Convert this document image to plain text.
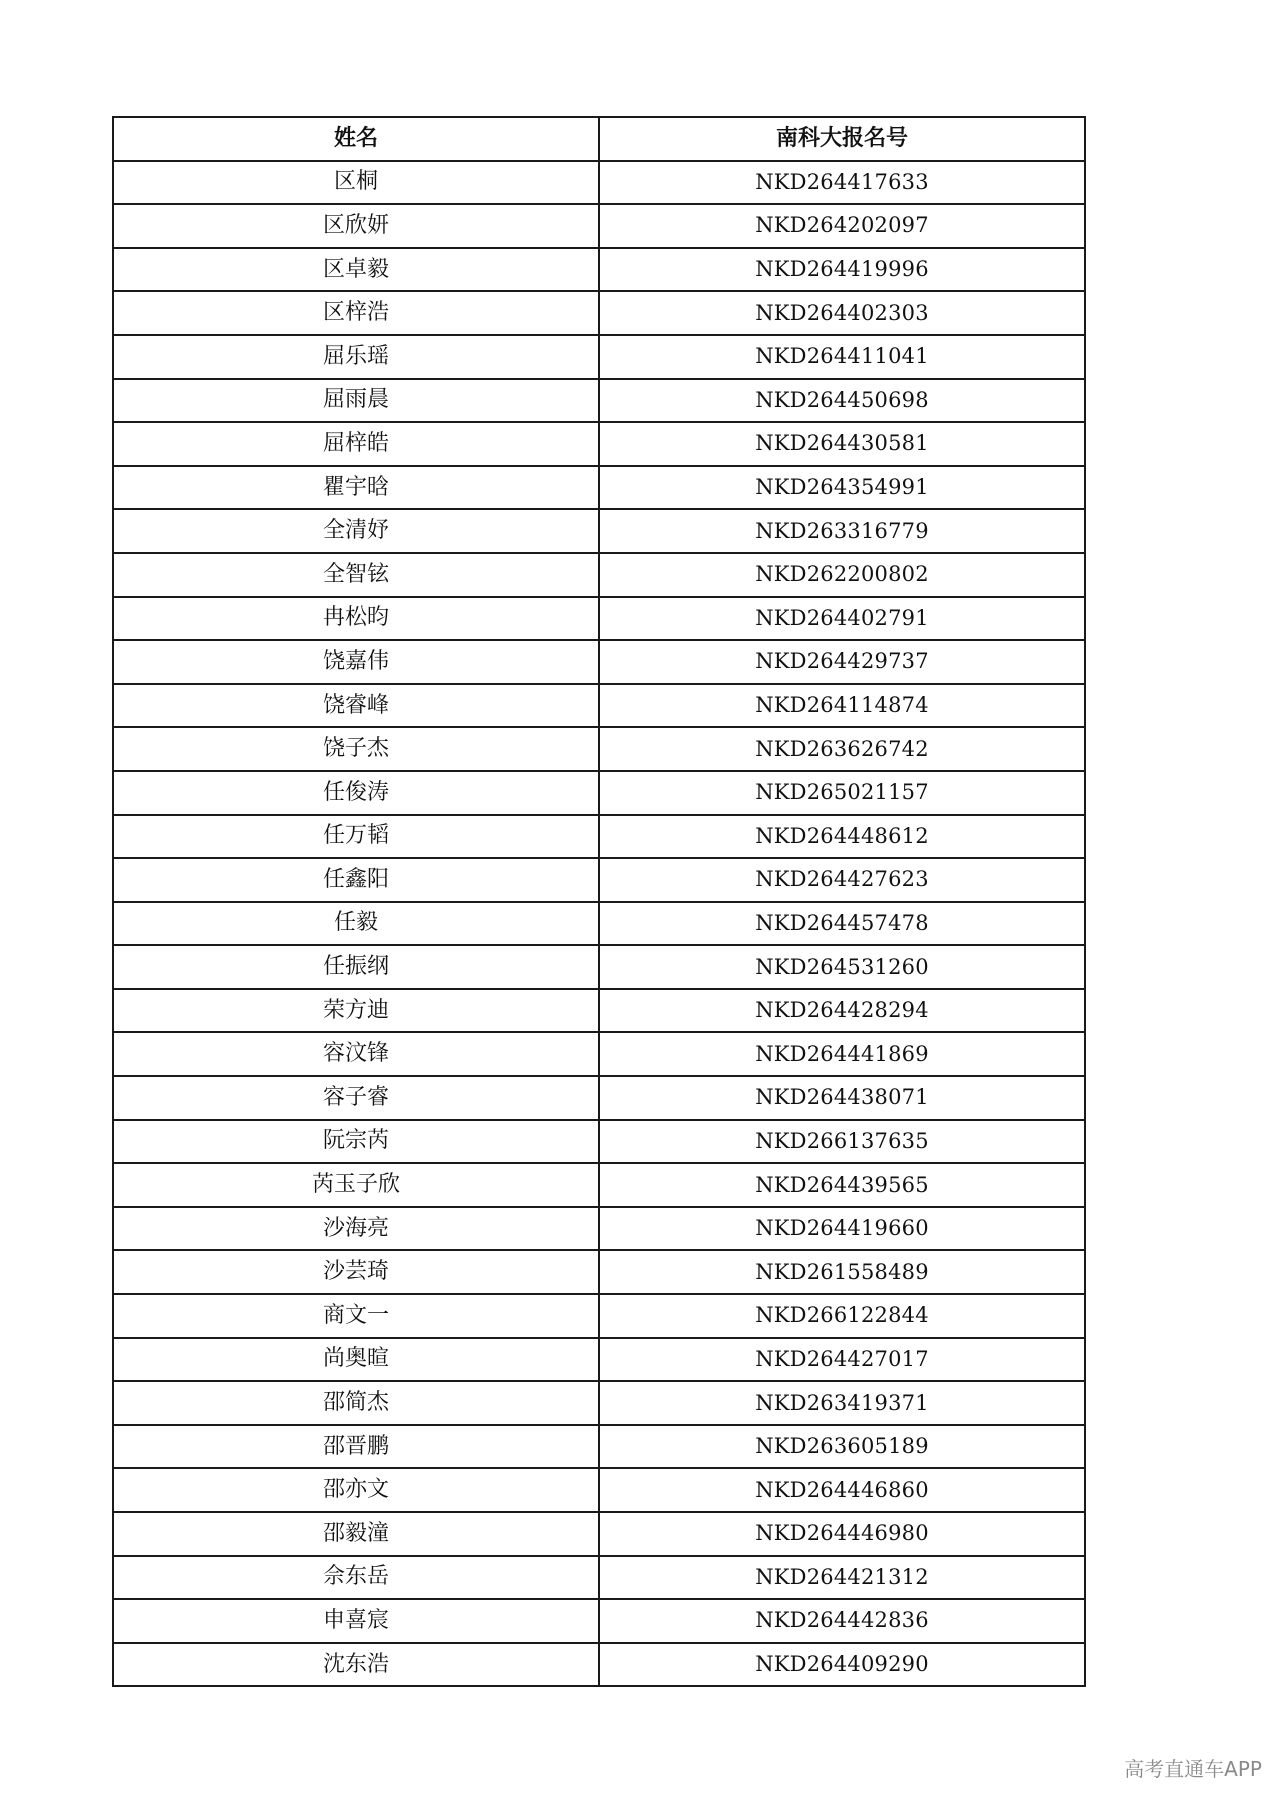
姓名	南科大报名号
区桐	NKD264417633
区欣妍	NKD264202097
区卓毅	NKD264419996
区梓浩	NKD264402303
屈乐瑶	NKD264411041
屈雨晨	NKD264450698
屈梓皓	NKD264430581
瞿宇晗	NKD264354991
全清妤	NKD263316779
全智铉	NKD262200802
冉松昀	NKD264402791
饶嘉伟	NKD264429737
饶睿峰	NKD264114874
饶子杰	NKD263626742
任俊涛	NKD265021157
任万韬	NKD264448612
任鑫阳	NKD264427623
任毅	NKD264457478
任振纲	NKD264531260
荣方迪	NKD264428294
容汶锋	NKD264441869
容子睿	NKD264438071
阮宗芮	NKD266137635
芮玉子欣	NKD264439565
沙海亮	NKD264419660
沙芸琦	NKD261558489
商文一	NKD266122844
尚奥暄	NKD264427017
邵简杰	NKD263419371
邵晋鹏	NKD263605189
邵亦文	NKD264446860
邵毅潼	NKD264446980
佘东岳	NKD264421312
申喜宸	NKD264442836
沈东浩	NKD264409290
高考直通车APP
